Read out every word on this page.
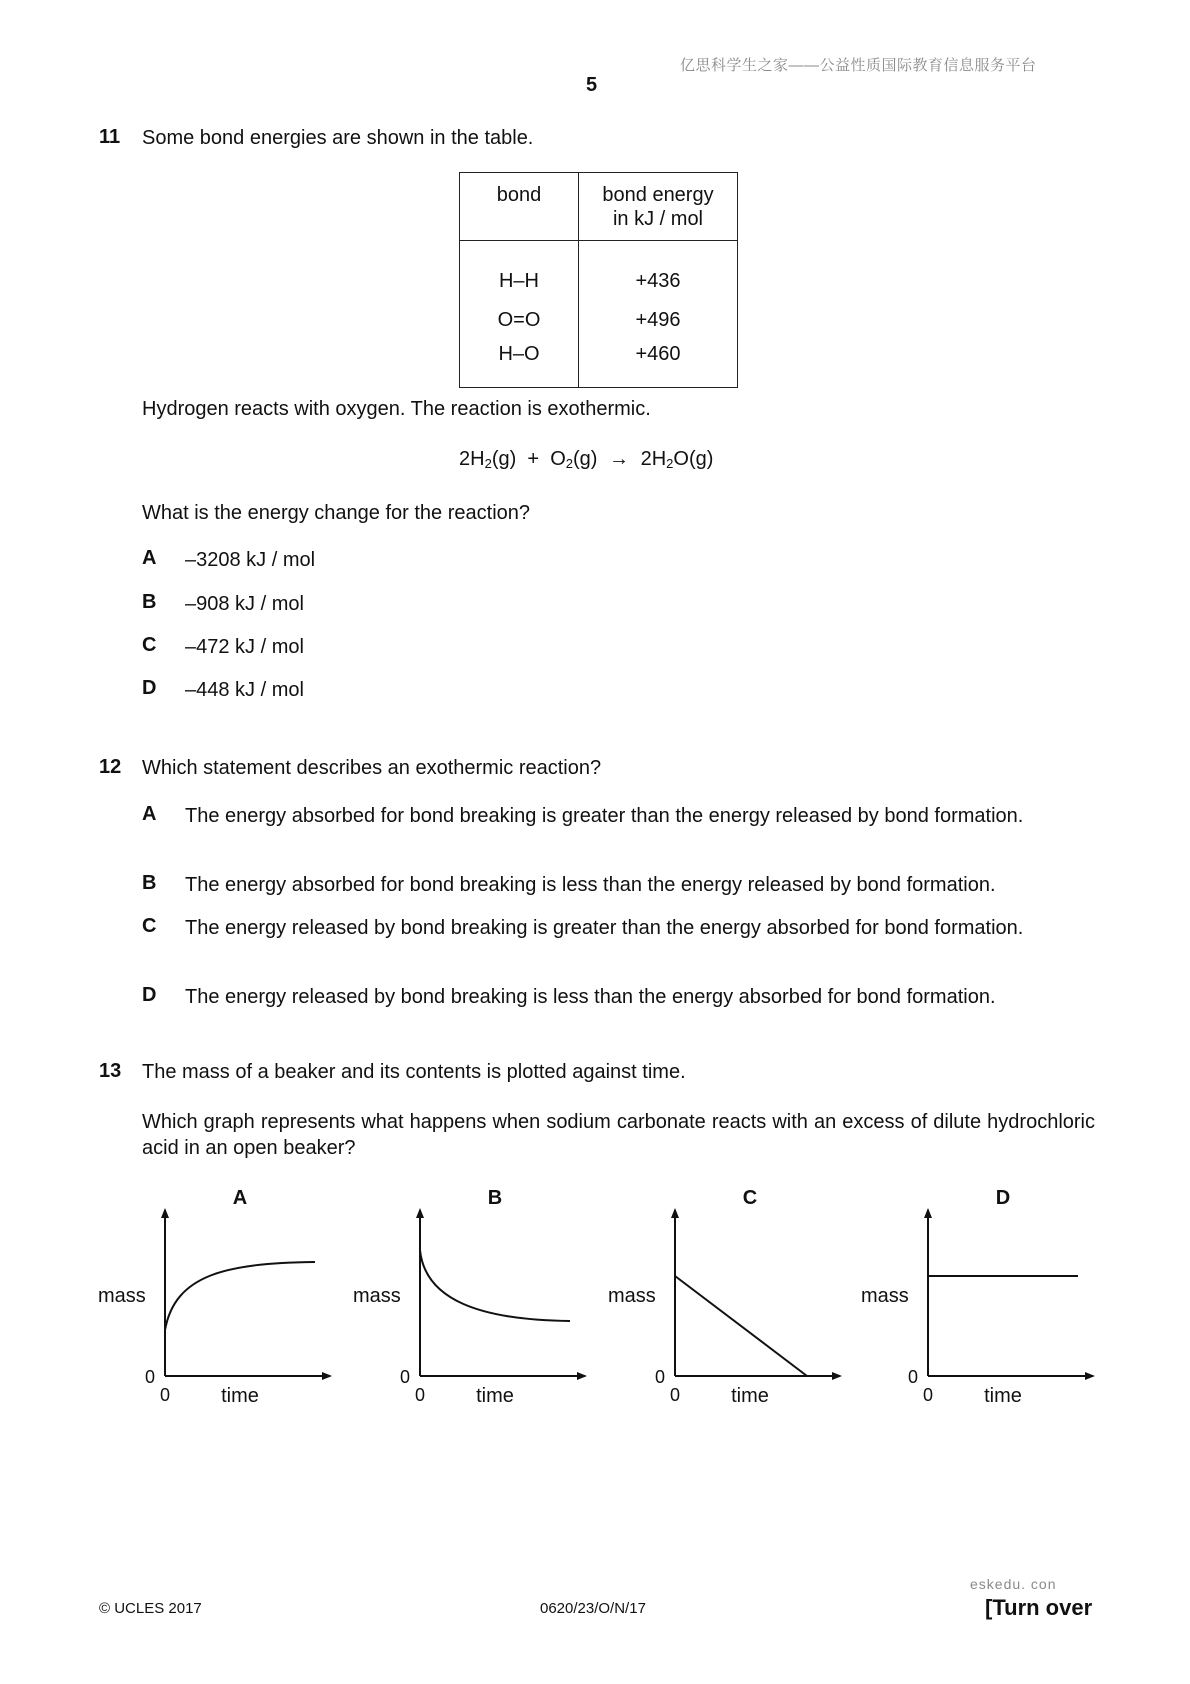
亿思科学生之家——公益性质国际教育信息服务平台
5
11 Some bond energies are shown in the table.
bond	bond energy
in kJ / mol
H–H	+436
O=O	+496
H–O	+460
Hydrogen reacts with oxygen. The reaction is exothermic.
$2H_2(g) + O_2(g) \to 2H_2O(g)$
What is the energy change for the reaction?
A –3208 kJ / mol
B –908 kJ / mol
C –472 kJ / mol
D –448 kJ / mol
12 Which statement describes an exothermic reaction?
A The energy absorbed for bond breaking is greater than the energy released by bond formation.
B The energy absorbed for bond breaking is less than the energy released by bond formation.
C The energy released by bond breaking is greater than the energy absorbed for bond formation.
D The energy released by bond breaking is less than the energy absorbed for bond formation.
13 The mass of a beaker and its contents is plotted against time.
Which graph represents what happens when sodium carbonate reacts with an excess of dilute hydrochloric acid in an open beaker?
A
mass
time
0
0
B
mass
time
0
0
C
mass
time
0
0
D
mass
time
0
0
eskedu. con
© UCLES 2017	0620/23/O/N/17	[Turn over
